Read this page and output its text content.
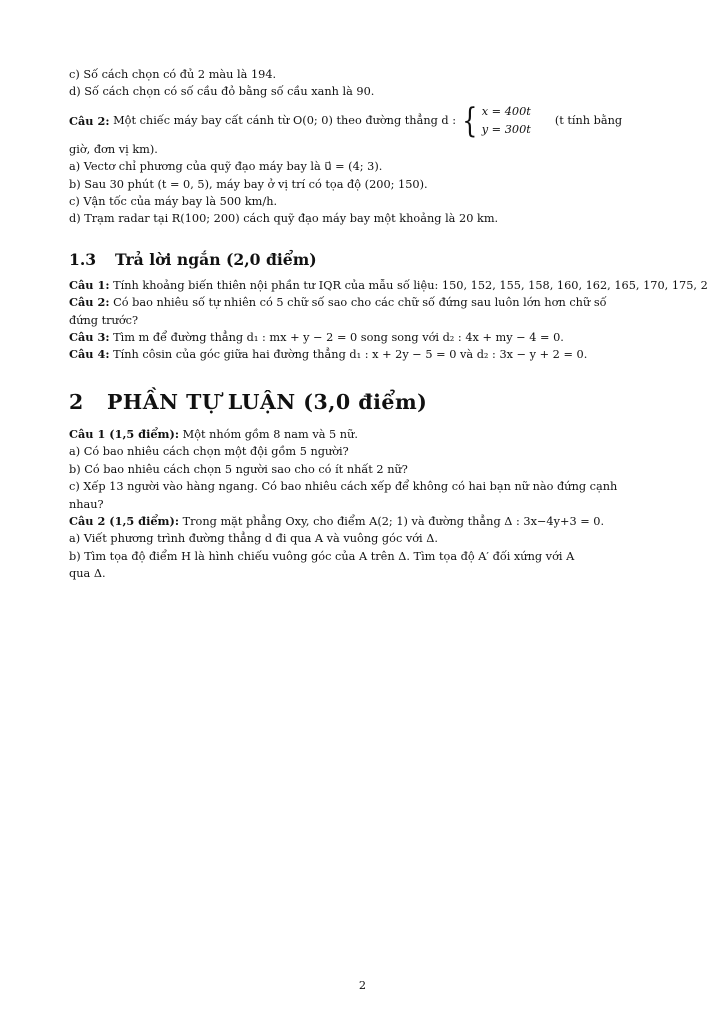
c) Số cách chọn có đủ 2 màu là 194.

d) Số cách chọn có số cầu đỏ bằng số cầu xanh là 90.

Câu 2:
Một chiếc máy bay cất cánh từ O(0; 0) theo đường thẳng d : { x = 400t
y = 300t
(t tính bằng

giờ, đơn vị km).

a) Vectơ chỉ phương của quỹ đạo máy bay là u⃗ = (4; 3).

b) Sau 30 phút (t = 0, 5), máy bay ở vị trí có tọa độ (200; 150).

c) Vận tốc của máy bay là 500 km/h.

d) Trạm radar tại R(100; 200) cách quỹ đạo máy bay một khoảng là 20 km.

1.3 Trả lời ngắn (2,0 điểm)

Câu 1: Tính khoảng biến thiên nội phần tư IQR của mẫu số liệu: 150, 152, 155, 158, 160, 162, 165, 170, 175, 2

Câu 2: Có bao nhiêu số tự nhiên có 5 chữ số sao cho các chữ số đứng sau luôn lớn hơn chữ số

đứng trước?

Câu 3: Tìm m để đường thẳng d₁ : mx + y − 2 = 0 song song với d₂ : 4x + my − 4 = 0.

Câu 4: Tính côsin của góc giữa hai đường thẳng d₁ : x + 2y − 5 = 0 và d₂ : 3x − y + 2 = 0.

2 PHẦN TỰ LUẬN (3,0 điểm)

Câu 1 (1,5 điểm): Một nhóm gồm 8 nam và 5 nữ.

a) Có bao nhiêu cách chọn một đội gồm 5 người?

b) Có bao nhiêu cách chọn 5 người sao cho có ít nhất 2 nữ?

c) Xếp 13 người vào hàng ngang. Có bao nhiêu cách xếp để không có hai bạn nữ nào đứng cạnh

nhau?

Câu 2 (1,5 điểm): Trong mặt phẳng Oxy, cho điểm A(2; 1) và đường thẳng Δ : 3x−4y+3 = 0.

a) Viết phương trình đường thẳng d đi qua A và vuông góc với Δ.

b) Tìm tọa độ điểm H là hình chiếu vuông góc của A trên Δ. Tìm tọa độ A′ đối xứng với A

qua Δ.

2
